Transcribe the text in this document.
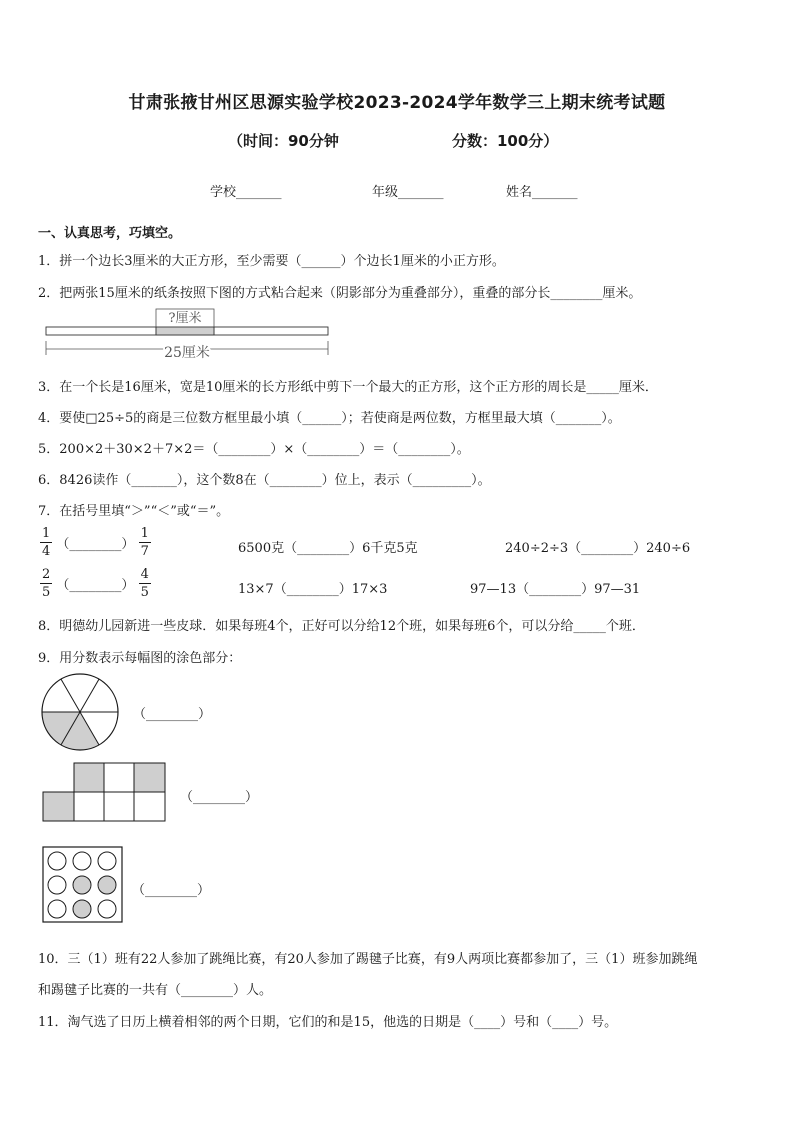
甘肃张掖甘州区思源实验学校2023-2024学年数学三上期末统考试题
（时间：90分钟	分数：100分）
学校_______	年级_______	姓名_______
一、认真思考，巧填空。
1．拼一个边长3厘米的大正方形，至少需要（______）个边长1厘米的小正方形。
2．把两张15厘米的纸条按照下图的方式粘合起来（阴影部分为重叠部分），重叠的部分长________厘米。
?厘米
25厘米
3．在一个长是16厘米，宽是10厘米的长方形纸中剪下一个最大的正方形，这个正方形的周长是_____厘米．
4．要使□25÷5的商是三位数方框里最小填（______）；若使商是两位数，方框里最大填（_______）。
5．200×2＋30×2＋7×2＝（________）×（________）＝（________）。
6．8426读作（_______），这个数8在（________）位上，表示（_________）。
7．在括号里填“＞”“＜”或“＝”。
$\frac{1}{4}$ （________） $\frac{1}{7}$	6500克（________）6千克5克	240÷2÷3（________）240÷6
$\frac{2}{5}$ （________） $\frac{4}{5}$	13×7（________）17×3	97—13（________）97—31
8．明德幼儿园新进一些皮球．如果每班4个，正好可以分给12个班，如果每班6个，可以分给_____个班．
9．用分数表示每幅图的涂色部分：
（________）
（________）
（________）
10．三（1）班有22人参加了跳绳比赛，有20人参加了踢毽子比赛，有9人两项比赛都参加了，三（1）班参加跳绳
和踢毽子比赛的一共有（________）人。
11．淘气选了日历上横着相邻的两个日期，它们的和是15，他选的日期是（____）号和（____）号。
